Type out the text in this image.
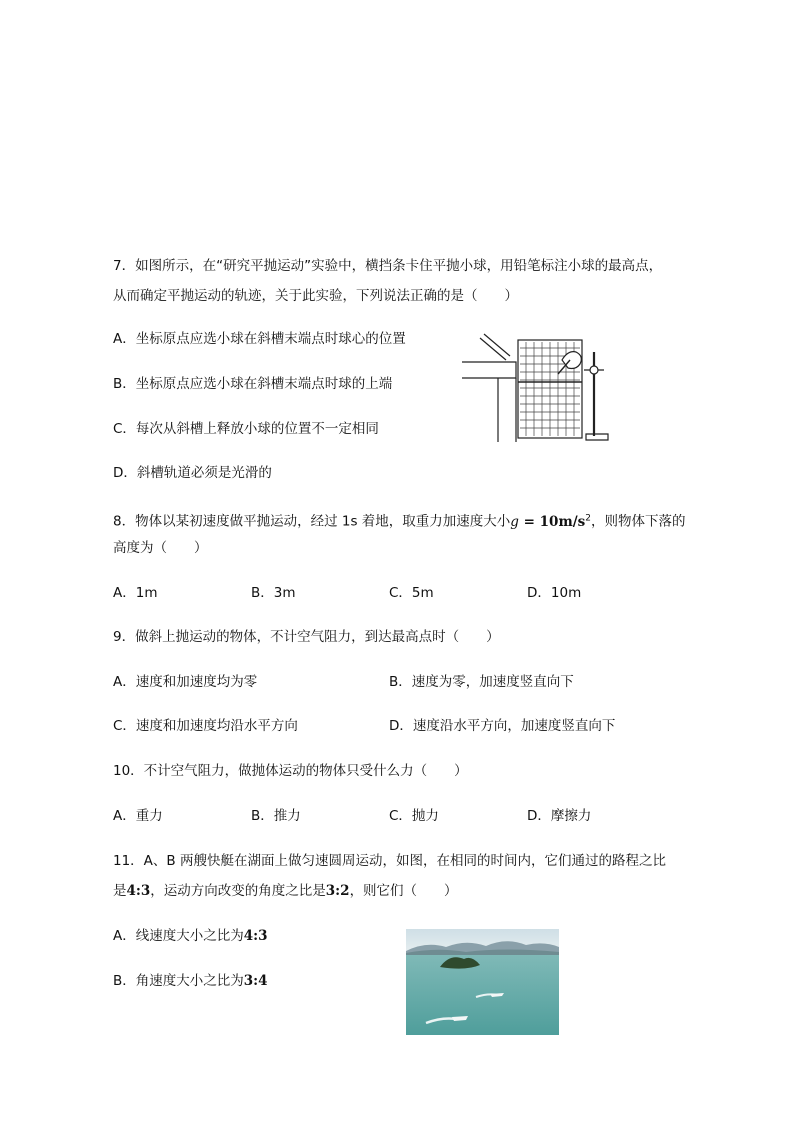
7．如图所示，在“研究平抛运动”实验中，横挡条卡住平抛小球，用铅笔标注小球的最高点，
从而确定平抛运动的轨迹，关于此实验，下列说法正确的是（　　）
A．坐标原点应选小球在斜槽末端点时球心的位置
B．坐标原点应选小球在斜槽末端点时球的上端
C．每次从斜槽上释放小球的位置不一定相同
D．斜槽轨道必须是光滑的
8．物体以某初速度做平抛运动，经过 1s 着地，取重力加速度大小$g = 10m/s^2$，则物体下落的
高度为（　　）
A．1m	B．3m	C．5m	D．10m
9．做斜上抛运动的物体，不计空气阻力，到达最高点时（　　）
A．速度和加速度均为零	B．速度为零，加速度竖直向下
C．速度和加速度均沿水平方向	D．速度沿水平方向，加速度竖直向下
10．不计空气阻力，做抛体运动的物体只受什么力（　　）
A．重力	B．推力	C．抛力	D．摩擦力
11．A、B 两艘快艇在湖面上做匀速圆周运动，如图，在相同的时间内，它们通过的路程之比
是4:3，运动方向改变的角度之比是3:2，则它们（　　）
A．线速度大小之比为4:3
B．角速度大小之比为3:4
